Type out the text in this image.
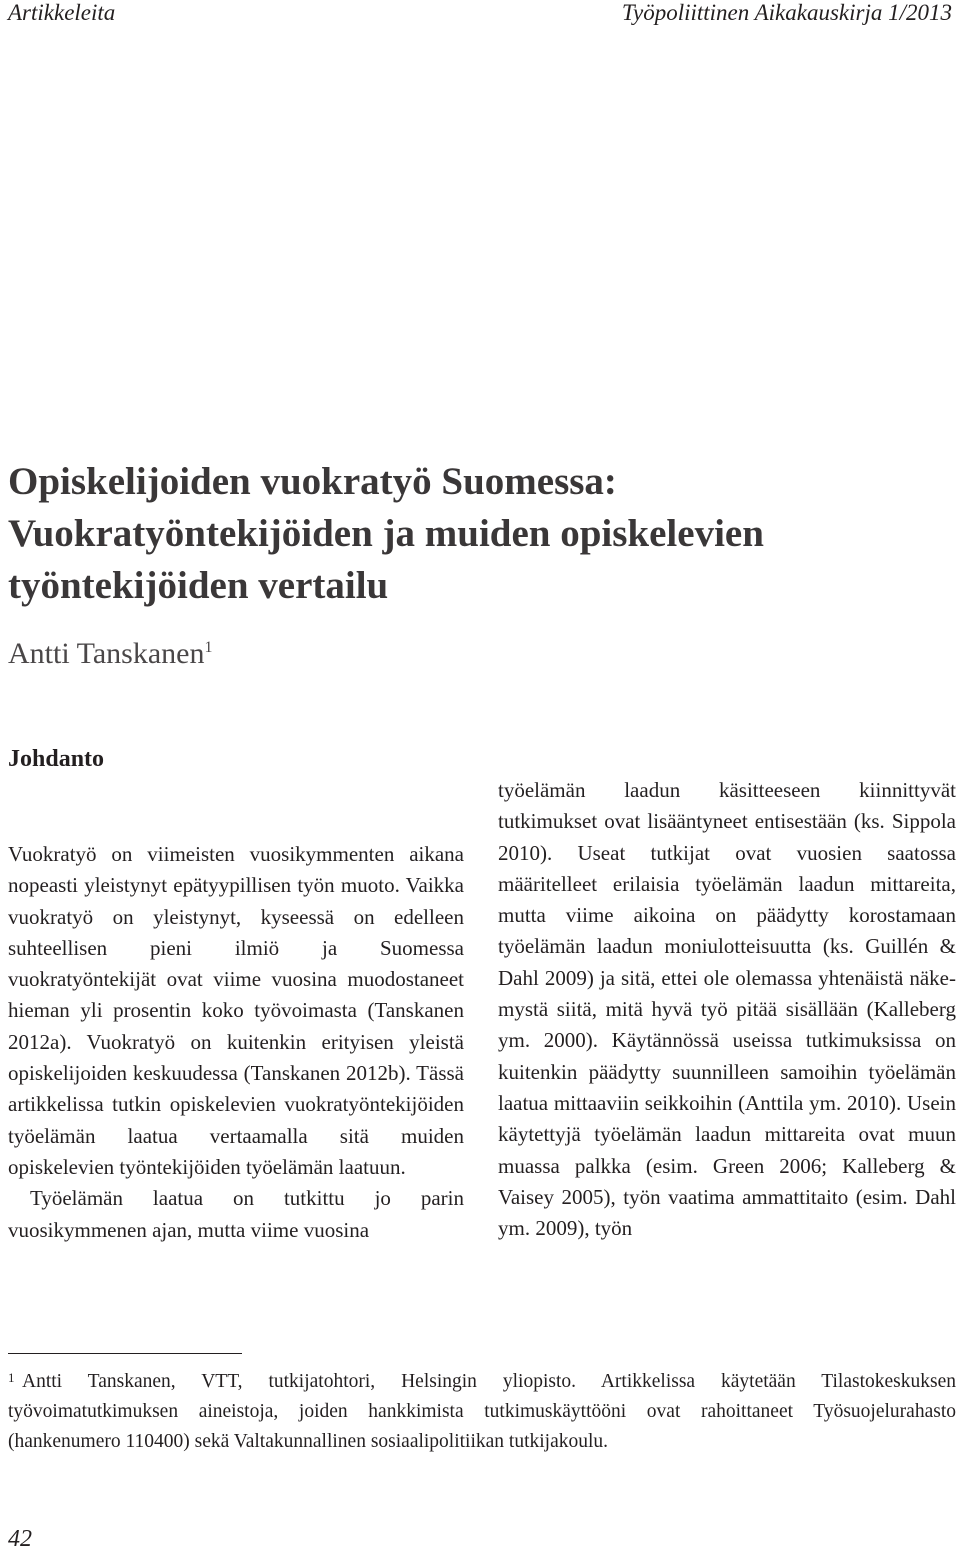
Artikkeleita	Työpoliittinen Aikakauskirja 1/2013
Opiskelijoiden vuokratyö Suomessa:
Vuokratyöntekijöiden ja muiden opiskelevien
työntekijöiden vertailu
Antti Tanskanen$^1$
Johdanto

Vuokratyö on viimeisten vuosikymmenten aikana nopeasti yleistynyt epätyypillisen työn muoto. Vaikka vuokratyö on yleistynyt, kyseessä on edelleen suhteellisen pieni ilmiö ja Suomessa vuokratyöntekijät ovat viime vuosina muodostaneet hieman yli prosentin koko työvoimasta (Tanskanen 2012a). Vuokratyö on kuitenkin erityisen yleistä opiskelijoiden keskuudessa (Tanskanen 2012b). Tässä artikkelissa tutkin opiskelevien vuokratyöntekijöiden työelämän laatua vertaamalla sitä muiden opiskelevien työntekijöiden työelämän laatuun.

Työelämän laatua on tutkittu jo parin vuosikymmenen ajan, mutta viime vuosina

työelämän laadun käsitteeseen kiinnittyvät tutkimukset ovat lisääntyneet entisestään (ks. Sippola 2010). Useat tutkijat ovat vuosien saatossa määritelleet erilaisia työelämän laadun mittareita, mutta viime aikoina on päädytty korostamaan työelämän laadun moniulotteisuutta (ks. Guillén & Dahl 2009) ja sitä, ettei ole olemassa yhtenäistä näkemystä siitä, mitä hyvä työ pitää sisällään (Kalleberg ym. 2000). Käytännössä useissa tutkimuksissa on kuitenkin päädytty suunnilleen samoihin työelämän laatua mittaaviin seikkoihin (Anttila ym. 2010). Usein käytettyjä työelämän laadun mittareita ovat muun muassa palkka (esim. Green 2006; Kalleberg & Vaisey 2005), työn vaatima ammattitaito (esim. Dahl ym. 2009), työn

1 Antti Tanskanen, VTT, tutkijatohtori, Helsingin yliopisto. Artikkelissa käytetään Tilastokeskuksen työvoimatutkimuksen aineistoja, joiden hankkimista tutkimuskäyttööni ovat rahoittaneet Työsuojelurahasto (hankenumero 110400) sekä Valtakunnallinen sosiaalipolitiikan tutkijakoulu.

42
